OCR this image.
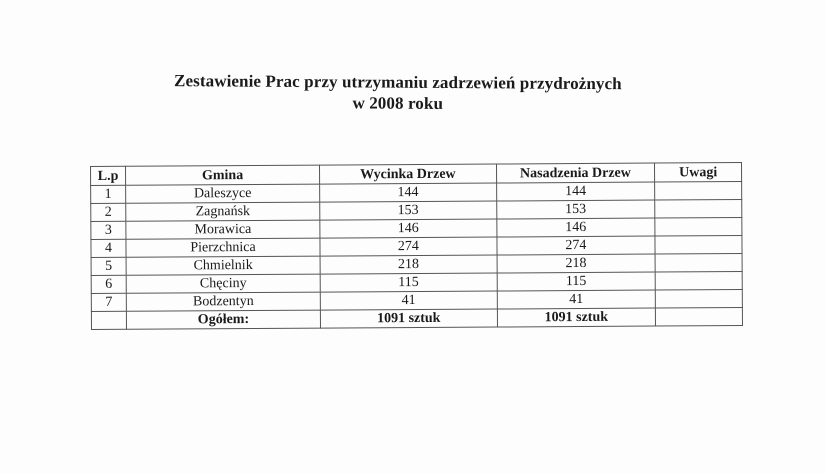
Zestawienie Prac przy utrzymaniu zadrzewień przydrożnych
w 2008 roku
L.p	Gmina	Wycinka Drzew	Nasadzenia Drzew	Uwagi
1	Daleszyce	144	144	
2	Zagnańsk	153	153	
3	Morawica	146	146	
4	Pierzchnica	274	274	
5	Chmielnik	218	218	
6	Chęciny	115	115	
7	Bodzentyn	41	41	
	Ogółem:	1091 sztuk	1091 sztuk	
